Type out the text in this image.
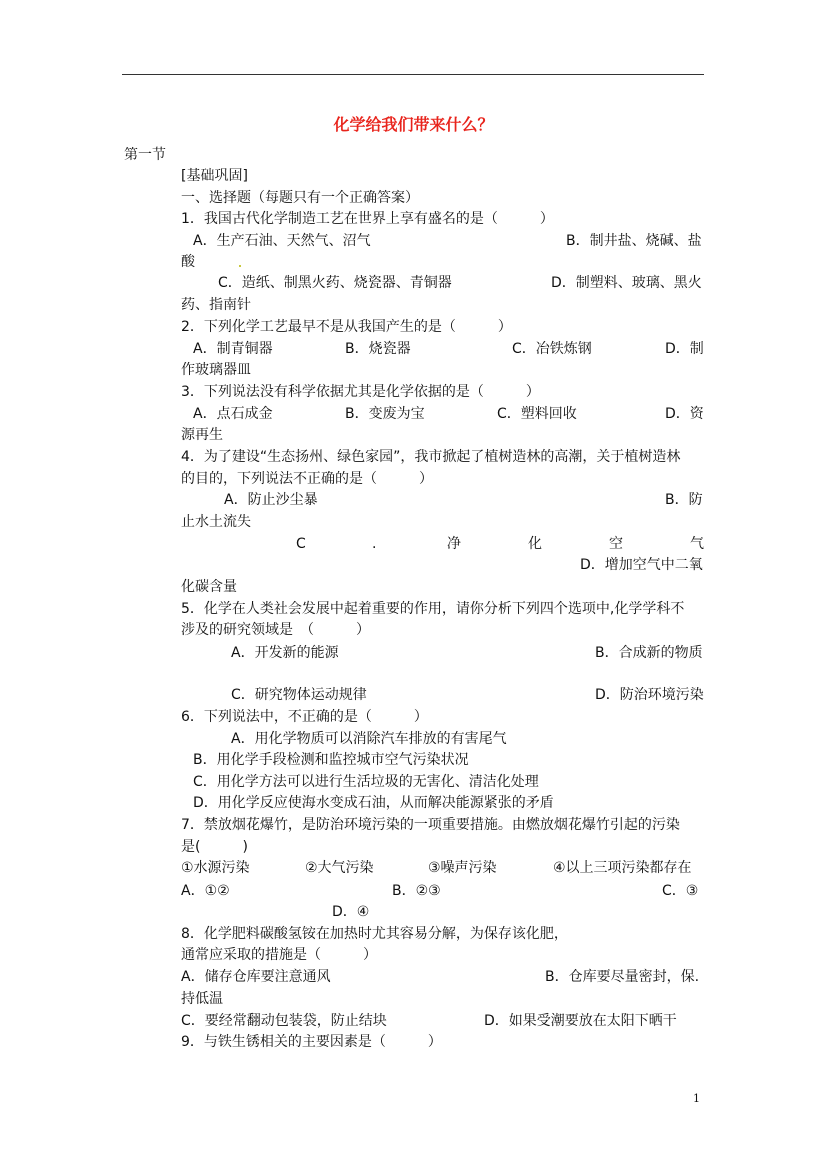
化学给我们带来什么？
第一节
[基础巩固]
一、选择题（每题只有一个正确答案）
1．我国古代化学制造工艺在世界上享有盛名的是（　　　）
A．生产石油、天然气、沼气	B．制井盐、烧碱、盐
酸
C．造纸、制黑火药、烧瓷器、青铜器	D．制塑料、玻璃、黑火
药、指南针
2．下列化学工艺最早不是从我国产生的是（　　　）
A．制青铜器	B．烧瓷器	C．冶铁炼钢	D．制
作玻璃器皿
3．下列说法没有科学依据尤其是化学依据的是（　　　）
A．点石成金	B．变废为宝	C．塑料回收	D．资
源再生
4．为了建设“生态扬州、绿色家园”，我市掀起了植树造林的高潮，关于植树造林
的目的，下列说法不正确的是（　　　）
A．防止沙尘暴	B．防
止水土流失
C	.	净	化	空	气
D．增加空气中二氧
化碳含量
5．化学在人类社会发展中起着重要的作用，请你分析下列四个选项中,化学学科不
涉及的研究领域是　（　　　）
A．开发新的能源	B．合成新的物质
C．研究物体运动规律	D．防治环境污染
6．下列说法中，不正确的是（　　　）
A．用化学物质可以消除汽车排放的有害尾气
B．用化学手段检测和监控城市空气污染状况
C．用化学方法可以进行生活垃圾的无害化、清洁化处理
D．用化学反应使海水变成石油，从而解决能源紧张的矛盾
7．禁放烟花爆竹，是防治环境污染的一项重要措施。由燃放烟花爆竹引起的污染
是(　　　)
①水源污染	②大气污染	③噪声污染	④以上三项污染都存在
A．①②	B．②③	C．③
D．④
8．化学肥料碳酸氢铵在加热时尤其容易分解，为保存该化肥，
通常应采取的措施是（　　　）
A．储存仓库要注意通风	B．仓库要尽量密封，保.
持低温
C．要经常翻动包装袋，防止结块	D．如果受潮要放在太阳下晒干
9．与铁生锈相关的主要因素是（　　　）
1
